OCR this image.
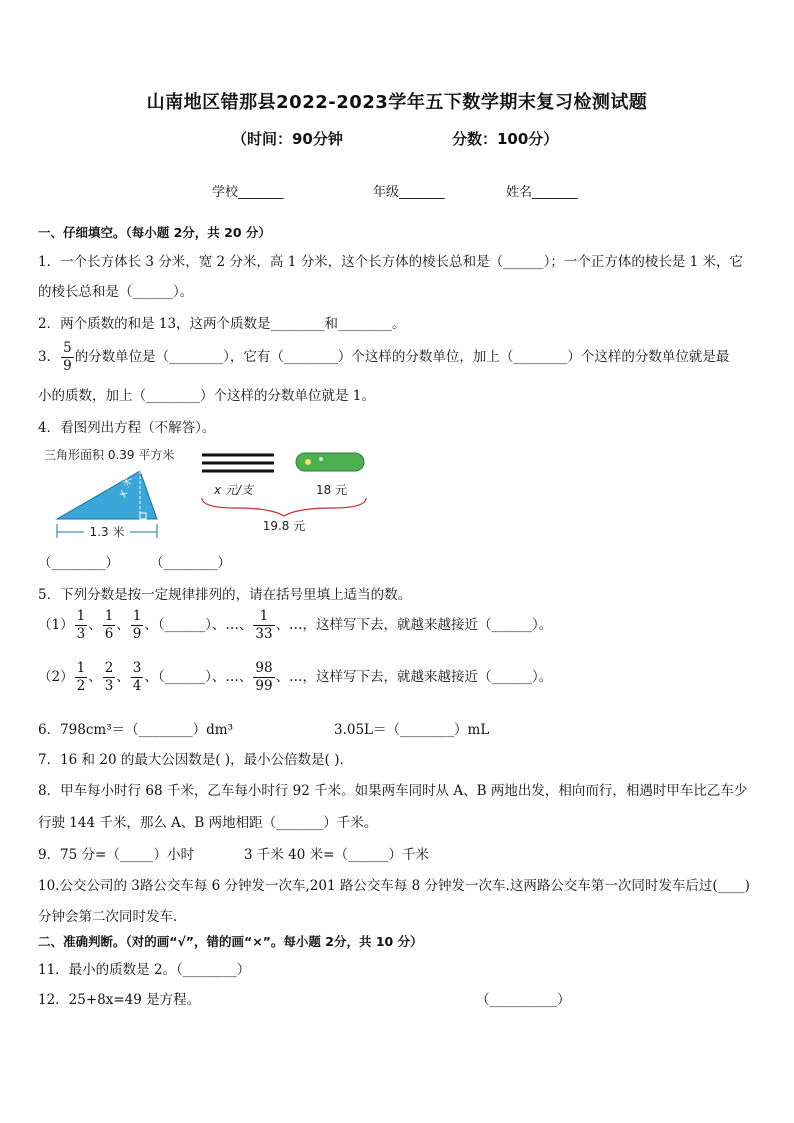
山南地区错那县2022-2023学年五下数学期末复习检测试题
（时间：90分钟	分数：100分）
学校_______	年级_______	姓名_______
一、仔细填空。（每小题 2分，共 20 分）
1．一个长方体长 3 分米，宽 2 分米，高 1 分米，这个长方体的棱长总和是（______）；一个正方体的棱长是 1 米，它
的棱长总和是（______）。
2．两个质数的和是 13，这两个质数是________和________。
3． $\frac{5}{9}$ 的分数单位是（________），它有（________）个这样的分数单位，加上（________）个这样的分数单位就是最
小的质数，加上（________）个这样的分数单位就是 1。
4．看图列出方程（不解答）。
三角形面积 0.39 平方米
x 米
1.3 米
x 元/支	18 元
19.8 元
（________） （________）
5．下列分数是按一定规律排列的，请在括号里填上适当的数。
$(1) \frac{1}{3}$ 、 $\frac{1}{6}$ 、 $\frac{1}{9}$ 、（______）、…、 $\frac{1}{33}$ 、…，这样写下去，就越来越接近（______）。
$(2) \frac{1}{2}$ 、 $\frac{2}{3}$ 、 $\frac{3}{4}$ 、（______）、…、 $\frac{98}{99}$ 、…，这样写下去，就越来越接近（______）。
6．798cm³＝（________）dm³	3.05L＝（________）mL
7．16 和 20 的最大公因数是( )，最小公倍数是( )．
8．甲车每小时行 68 千米，乙车每小时行 92 千米。如果两车同时从 A、B 两地出发，相向而行，相遇时甲车比乙车少
行驶 144 千米，那么 A、B 两地相距（_______）千米。
9．75 分=（_____）小时	3 千米 40 米=（______）千米
10.公交公司的 3路公交车每 6 分钟发一次车,201 路公交车每 8 分钟发一次车.这两路公交车第一次同时发车后过(____)
分钟会第二次同时发车.
二、准确判断。（对的画“√”，错的画“×”。每小题 2分，共 10 分）
11．最小的质数是 2。（________）
12．25+8x=49 是方程。	（__________）
